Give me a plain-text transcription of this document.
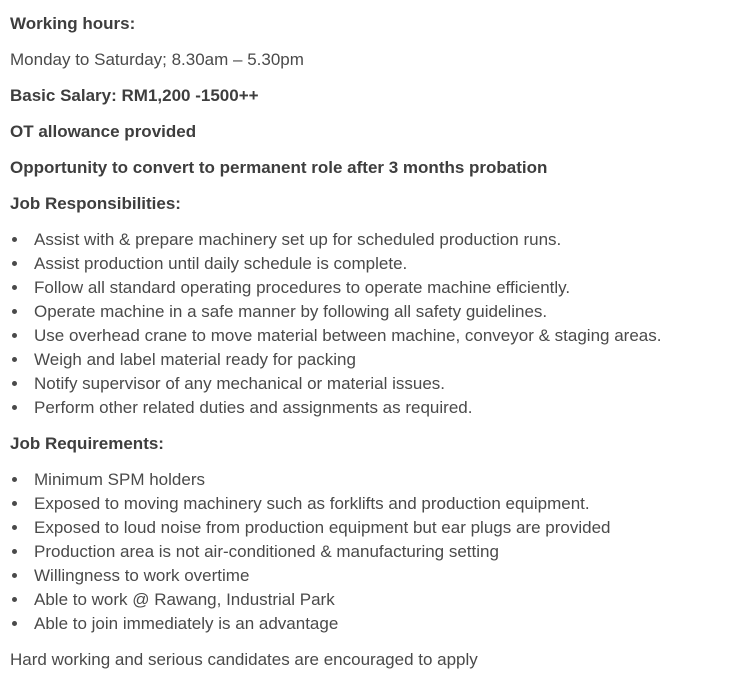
Working hours:

Monday to Saturday; 8.30am – 5.30pm

Basic Salary: RM1,200 -1500++

OT allowance provided

Opportunity to convert to permanent role after 3 months probation

Job Responsibilities:

Assist with & prepare machinery set up for scheduled production runs.
Assist production until daily schedule is complete.
Follow all standard operating procedures to operate machine efficiently.
Operate machine in a safe manner by following all safety guidelines.
Use overhead crane to move material between machine, conveyor & staging areas.
Weigh and label material ready for packing
Notify supervisor of any mechanical or material issues.
Perform other related duties and assignments as required.

Job Requirements:

Minimum SPM holders
Exposed to moving machinery such as forklifts and production equipment.
Exposed to loud noise from production equipment but ear plugs are provided
Production area is not air-conditioned & manufacturing setting
Willingness to work overtime
Able to work @ Rawang, Industrial Park
Able to join immediately is an advantage

Hard working and serious candidates are encouraged to apply
